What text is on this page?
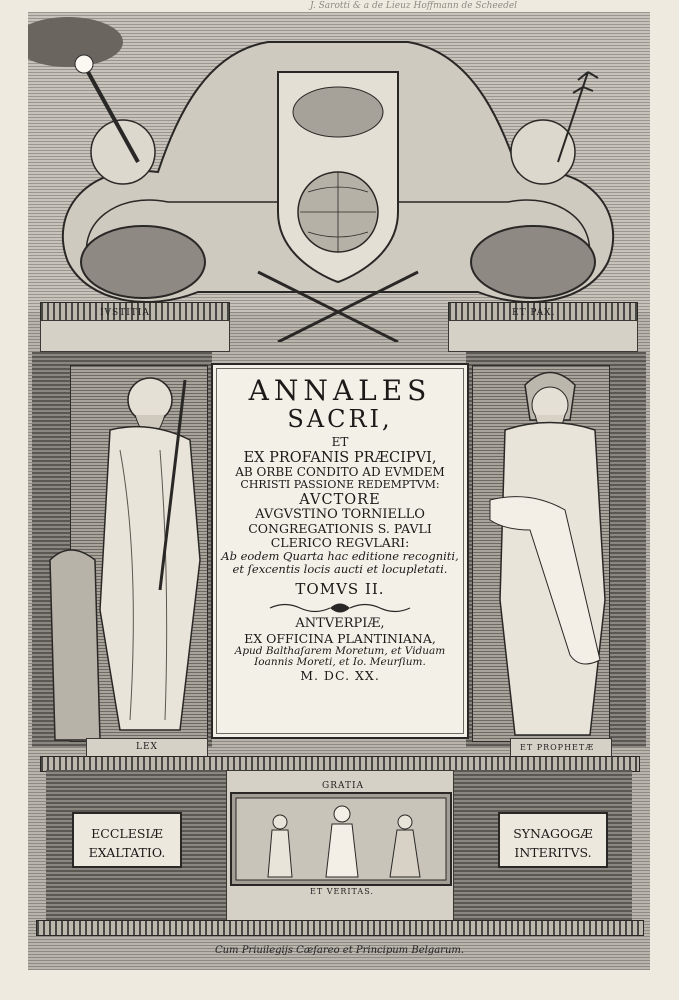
J. Sarotti & a de Lieuz Hoffmann de Scheedel
IVSTITIA	ET PAX.
LEX	ET PROPHETÆ
ANNALES
SACRI,
ET
EX PROFANIS PRÆCIPVI,
AB ORBE CONDITO AD EVMDEM
CHRISTI PASSIONE REDEMPTVM:
AVCTORE
AVGVSTINO TORNIELLO
CONGREGATIONIS S. PAVLI
CLERICO REGVLARI:
Ab eodem Quarta hac editione recogniti,
et ſexcentis locis aucti et locupletati.
TOMVS II.
ANTVERPIÆ,
EX OFFICINA PLANTINIANA,
Apud Balthaſarem Moretum, et Viduam
Ioannis Moreti, et Io. Meurſium.
M. DC. XX.
ECCLESIÆ
EXALTATIO.
SYNAGOGÆ
INTERITVS.
GRATIA
ET VERITAS.
Cum Priuilegijs Cæſareo et Principum Belgarum.
